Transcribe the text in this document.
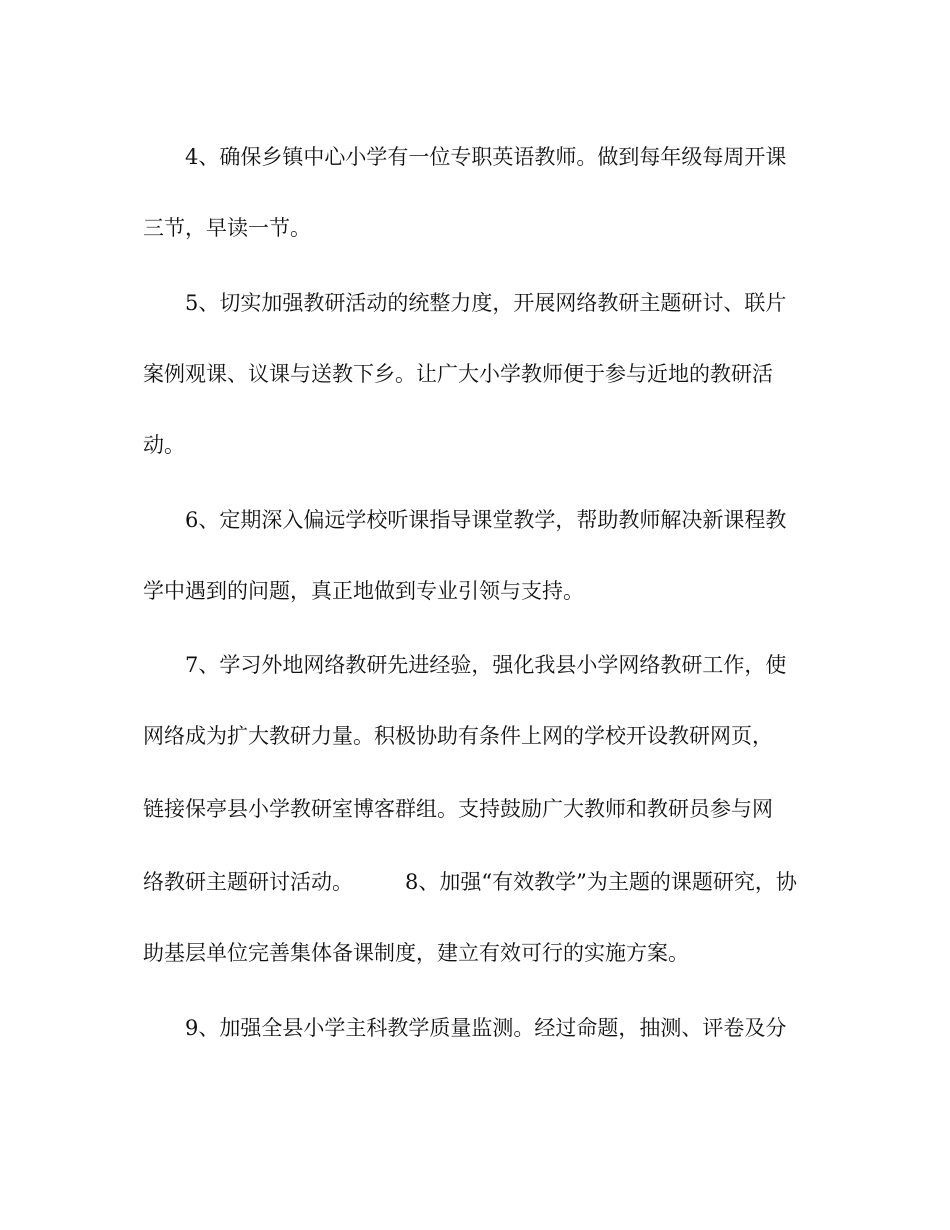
4、确保乡镇中心小学有一位专职英语教师。做到每年级每周开课

三节，早读一节。

5、切实加强教研活动的统整力度，开展网络教研主题研讨、联片

案例观课、议课与送教下乡。让广大小学教师便于参与近地的教研活

动。

6、定期深入偏远学校听课指导课堂教学，帮助教师解决新课程教

学中遇到的问题，真正地做到专业引领与支持。

7、学习外地网络教研先进经验，强化我县小学网络教研工作，使

网络成为扩大教研力量。积极协助有条件上网的学校开设教研网页，

链接保亭县小学教研室博客群组。支持鼓励广大教师和教研员参与网

络教研主题研讨活动。 8、加强“有效教学”为主题的课题研究，协

助基层单位完善集体备课制度，建立有效可行的实施方案。

9、加强全县小学主科教学质量监测。经过命题，抽测、评卷及分
